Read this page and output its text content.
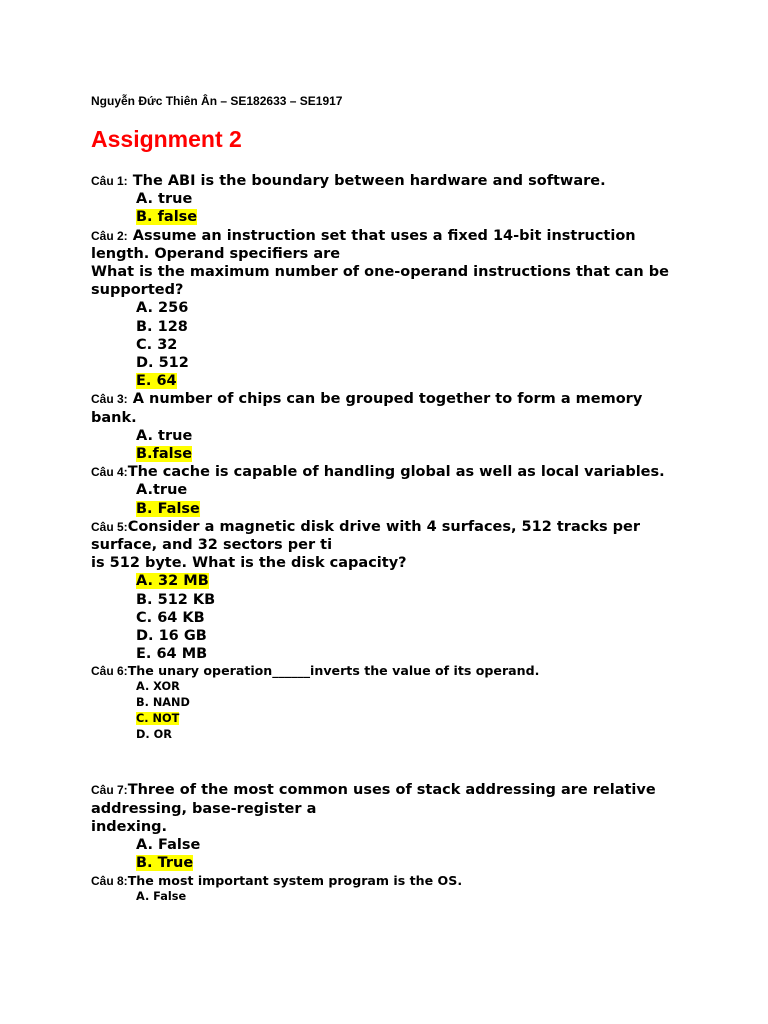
Nguyễn Đức Thiên Ân – SE182633 – SE1917
Assignment 2

Câu 1: The ABI is the boundary between hardware and software.

A. true
B. false

Câu 2: Assume an instruction set that uses a fixed 14-bit instruction length. Operand specifiers are
What is the maximum number of one-operand instructions that can be supported?

A. 256
B. 128
C. 32
D. 512
E. 64

Câu 3: A number of chips can be grouped together to form a memory bank.

A. true
B.false

Câu 4:The cache is capable of handling global as well as local variables.

A.true
B. False

Câu 5:Consider a magnetic disk drive with 4 surfaces, 512 tracks per surface, and 32 sectors per ti
is 512 byte. What is the disk capacity?

A. 32 MB
B. 512 KB
C. 64 KB
D. 16 GB
E. 64 MB

Câu 6:The unary operation______inverts the value of its operand.

A. XOR
B. NAND
C. NOT
D. OR

Câu 7:Three of the most common uses of stack addressing are relative addressing, base-register a
indexing.

A. False
B. True

Câu 8:The most important system program is the OS.

A. False
